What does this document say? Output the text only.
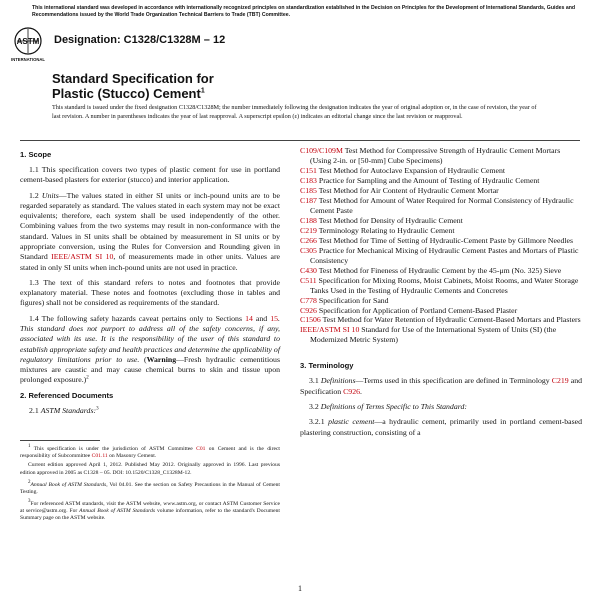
This international standard was developed in accordance with internationally recognized principles on standardization established in the Decision on Principles for the Development of International Standards, Guides and Recommendations issued by the World Trade Organization Technical Barriers to Trade (TBT) Committee.
ASTM
INTERNATIONAL
Designation: C1328/C1328M – 12
Standard Specification for
Plastic (Stucco) Cement$^1$
This standard is issued under the fixed designation C1328/C1328M; the number immediately following the designation indicates the year of original adoption or, in the case of revision, the year of last revision. A number in parentheses indicates the year of last reapproval. A superscript epsilon (ε) indicates an editorial change since the last revision or reapproval.
1. Scope

1.1 This specification covers two types of plastic cement for use in portland cement-based plasters for exterior (stucco) and interior application.

1.2 Units—The values stated in either SI units or inch-pound units are to be regarded separately as standard. The values stated in each system may not be exact equivalents; therefore, each system shall be used independently of the other. Combining values from the two systems may result in non-conformance with the standard. Values in SI units shall be obtained by measurement in SI units or by appropriate conversion, using the Rules for Conversion and Rounding given in Standard IEEE/ASTM SI 10, of measurements made in other units. Values are stated in only SI units when inch-pound units are not used in practice.

1.3 The text of this standard refers to notes and footnotes that provide explanatory material. These notes and footnotes (excluding those in tables and figures) shall not be considered as requirements of the standard.

1.4 The following safety hazards caveat pertains only to Sections 14 and 15. This standard does not purport to address all of the safety concerns, if any, associated with its use. It is the responsibility of the user of this standard to establish appropriate safety and health practices and determine the applicability of regulatory limitations prior to use. (Warning—Fresh hydraulic cementitious mixtures are caustic and may cause chemical burns to skin and tissue upon prolonged exposure.)$^2$

2. Referenced Documents

2.1 ASTM Standards:$^3$

1 This specification is under the jurisdiction of ASTM Committee C01 on Cement and is the direct responsibility of Subcommittee C01.11 on Masonry Cement.
Current edition approved April 1, 2012. Published May 2012. Originally approved in 1996. Last previous edition approved in 2005 as C1328 – 05. DOI: 10.1520/C1328_C1328M-12.
2Annual Book of ASTM Standards, Vol 04.01. See the section on Safety Precautions in the Manual of Cement Testing.
3For referenced ASTM standards, visit the ASTM website, www.astm.org, or contact ASTM Customer Service at service@astm.org. For Annual Book of ASTM Standards volume information, refer to the standard's Document Summary page on the ASTM website.
C109/C109M Test Method for Compressive Strength of Hydraulic Cement Mortars (Using 2-in. or [50-mm] Cube Specimens)
C151 Test Method for Autoclave Expansion of Hydraulic Cement
C183 Practice for Sampling and the Amount of Testing of Hydraulic Cement
C185 Test Method for Air Content of Hydraulic Cement Mortar
C187 Test Method for Amount of Water Required for Normal Consistency of Hydraulic Cement Paste
C188 Test Method for Density of Hydraulic Cement
C219 Terminology Relating to Hydraulic Cement
C266 Test Method for Time of Setting of Hydraulic-Cement Paste by Gillmore Needles
C305 Practice for Mechanical Mixing of Hydraulic Cement Pastes and Mortars of Plastic Consistency
C430 Test Method for Fineness of Hydraulic Cement by the 45-μm (No. 325) Sieve
C511 Specification for Mixing Rooms, Moist Cabinets, Moist Rooms, and Water Storage Tanks Used in the Testing of Hydraulic Cements and Concretes
C778 Specification for Sand
C926 Specification for Application of Portland Cement-Based Plaster
C1506 Test Method for Water Retention of Hydraulic Cement-Based Mortars and Plasters
IEEE/ASTM SI 10 Standard for Use of the International System of Units (SI) (the Modernized Metric System)
3. Terminology

3.1 Definitions—Terms used in this specification are defined in Terminology C219 and Specification C926.

3.2 Definitions of Terms Specific to This Standard:

3.2.1 plastic cement—a hydraulic cement, primarily used in portland cement-based plastering construction, consisting of a

1
